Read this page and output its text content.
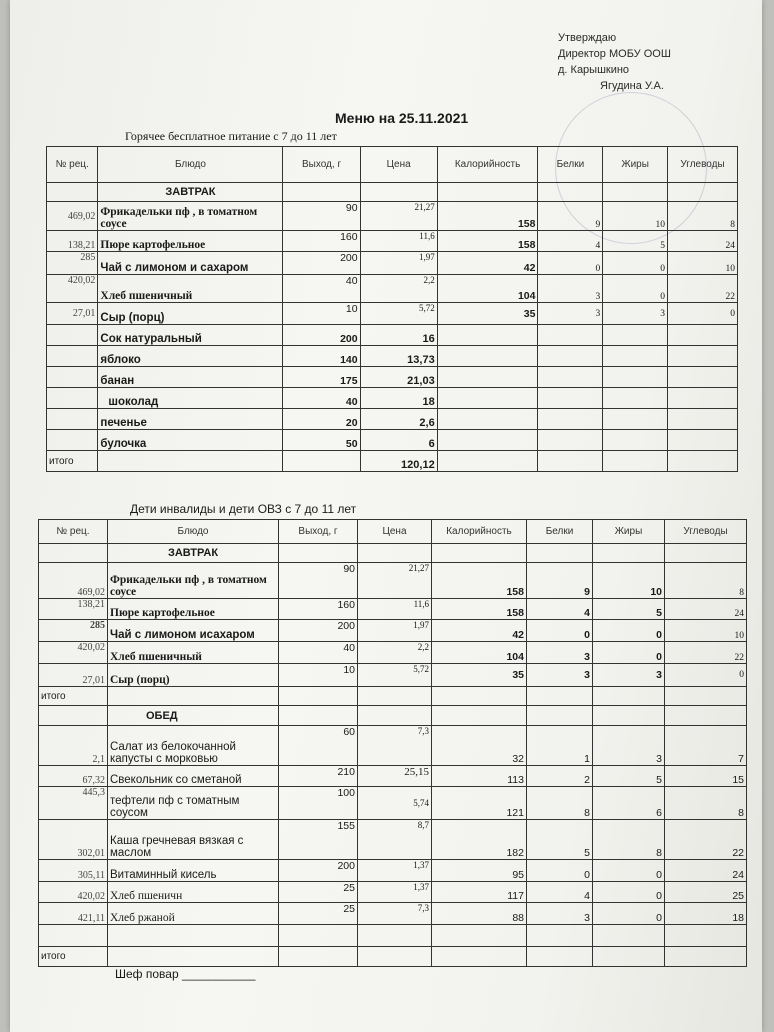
Утверждаю
Директор МОБУ ООШ
д. Карышкино
Ягудина У.А.
Меню на 25.11.2021
Горячее бесплатное питание с 7 до 11 лет
№ рец.	Блюдо	Выход, г	Цена	Калорийность	Белки	Жиры	Углеводы
	ЗАВТРАК						
469,02	Фрикадельки пф , в томатном соусе	90	21,27	158	9	10	8
138,21	Пюре картофельное	160	11,6	158	4	5	24
285	Чай с лимоном и сахаром	200	1,97	42	0	0	10
420,02	Хлеб пшеничный	40	2,2	104	3	0	22
27,01	Сыр (порц)	10	5,72	35	3	3	0
	Сок натуральный	200	16				
	яблоко	140	13,73				
	банан	175	21,03				
	шоколад	40	18				
	печенье	20	2,6				
	булочка	50	6				
итого			120,12				
Дети инвалиды и дети ОВЗ с 7 до 11 лет
№ рец.	Блюдо	Выход, г	Цена	Калорийность	Белки	Жиры	Углеводы
	ЗАВТРАК						
469,02	Фрикадельки пф , в томатном соусе	90	21,27	158	9	10	8
138,21	Пюре картофельное	160	11,6	158	4	5	24
285	Чай с лимоном исахаром	200	1,97	42	0	0	10
420,02	Хлеб пшеничный	40	2,2	104	3	0	22
27,01	Сыр (порц)	10	5,72	35	3	3	0
итого							
	ОБЕД						
2,1	Салат из белокочанной капусты с морковью	60	7,3	32	1	3	7
67,32	Свекольник со сметаной	210	25,15	113	2	5	15
445,3	тефтели пф с томатным соусом	100	5,74	121	8	6	8
302,01	Каша гречневая вязкая с маслом	155	8,7	182	5	8	22
305,11	Витаминный кисель	200	1,37	95	0	0	24
420,02	Хлеб пшеничн	25	1,37	117	4	0	25
421,11	Хлеб ржаной	25	7,3	88	3	0	18

итого							
Шеф повар ___________
